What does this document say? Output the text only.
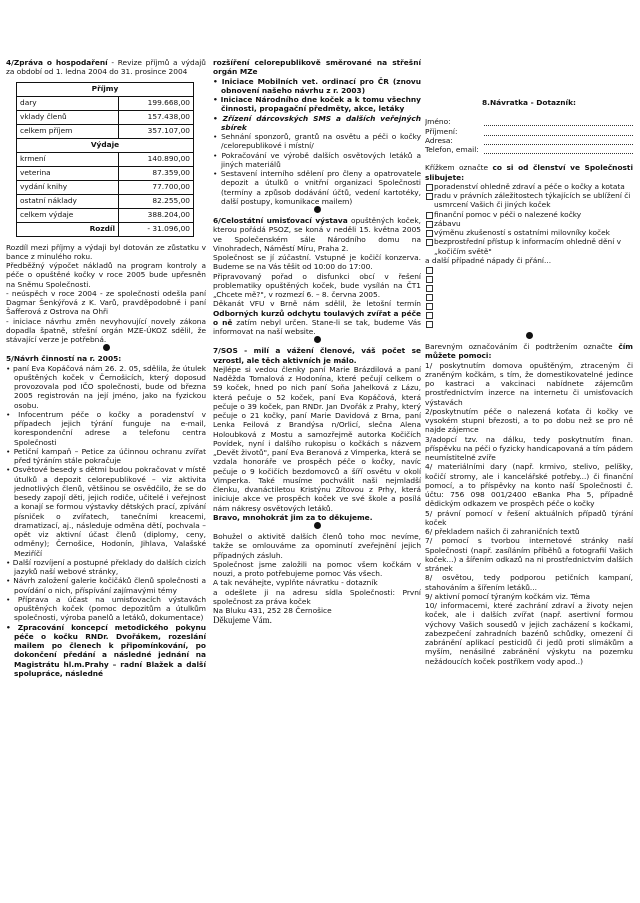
4/Zpráva o hospodaření - Revize příjmů a výdajů za období od 1. ledna 2004 do 31. prosince 2004

Příjmy	
dary	199.668,00
vklady členů	157.438,00
celkem příjem	357.107,00
Výdaje	
krmení	140.890,00
veterina	87.359,00
vydání knihy	77.700,00
ostatní náklady	82.255,00
celkem výdaje	388.204,00
Rozdíl	- 31.096,00

Rozdíl mezi příjmy a výdaji byl dotován ze zůstatku v bance z minulého roku.

Předběžný výpočet nákladů na program kontroly a péče o opuštěné kočky v roce 2005 bude upřesněn na Sněmu Společnosti.

- neúspěch v roce 2004 - ze společnosti odešla paní Dagmar Šenkýřová z K. Varů, pravděpodobně i paní Šafferová z Ostrova na Ohři

- iniciace návrhu změn nevyhovující novely zákona dopadla špatně, střešní orgán MZE-ÚKOZ sdělil, že stávající verze je potřebná.

5/Návrh činností na r. 2005:

• paní Eva Kopáčová nám 26. 2. 05, sdělila, že útulek opuštěných koček v Černošicích, který doposud provozovala pod IČO společnosti, bude od března 2005 registrován na její jméno, jako na fyzickou osobu.

• Infocentrum péče o kočky a poradenství v případech jejich týrání funguje na e-mail, korespondenční adrese a telefonu centra Společnosti

• Petiční kampaň – Petice za účinnou ochranu zvířat před týráním stále pokračuje

• Osvětové besedy s dětmi budou pokračovat v místě útulků a depozit celorepublikové – viz aktivita jednotlivých členů, většinou se osvědčilo, že se do besedy zapojí děti, jejich rodiče, učitelé i veřejnost a konají se formou výstavky dětských prací, zpívání písniček o zvířatech, tanečními kreacemi, dramatizací, aj., následuje odměna dětí, pochvala – opět viz aktivní účast členů (diplomy, ceny, odměny); Černošice, Hodonín, Jihlava, Valašské Meziříčí

• Další rozvíjení a postupné překlady do dalších cizích jazyků naší webové stránky,

• Návrh založení galerie kočičáků členů společnosti a povídání o nich, příspívání zajímavými témy

• Příprava a účast na umisťovacích výstavách opuštěných koček (pomoc depozitům a útulkům společnosti, výroba panelů a letáků, dokumentace)

• Zpracování koncepcí metodického pokynu péče o kočku RNDr. Dvořákem, rozeslání mailem po členech k připomínkování, po dokončení předání a následné jednání na Magistrátu hl.m.Prahy – radní Blažek a další spolupráce, následné

rozšíření celorepublikově směrované na střešní orgán MZe

• Iniciace Mobilních vet. ordinací pro ČR (znovu obnovení našeho návrhu z r. 2003)

• Iniciace Národního dne koček a k tomu všechny činnosti, propagační předměty, akce, letáky

• Zřízení dárcovských SMS a dalších veřejných sbírek

• Sehnání sponzorů, grantů na osvětu a péči o kočky /celorepublikové i místní/

• Pokračování ve výrobě dalších osvětových letáků a jiných materiálů

• Sestavení interního sdělení pro členy a opatrovatele depozit a útulků o vnitřní organizaci Společnosti (termíny a způsob dodávání účtů, vedení kartotéky, další postupy, komunikace mailem)

6/Celostátní umisťovací výstava opuštěných koček, kterou pořádá PSOZ, se koná v neděli 15. května 2005 ve Společenském sále Národního domu na Vinohradech, Náměstí Míru, Praha 2.

Společnost se jí zúčastní. Vstupné je kočičí konzerva. Budeme se na Vás těšit od 10:00 do 17:00.

Připravovaný pořad o disfunkci obcí v řešení problematiky opuštěných koček, bude vysílán na ČT1 „Chcete mě?", v rozmezí 6. – 8. června 2005.

Děkanát VFU v Brně nám sdělil, že letošní termín Odborných kurzů odchytu toulavých zvířat a péče o ně zatím nebyl určen. Stane-li se tak, budeme Vás informovat na naší website.

7/SOS - milí a vážení členové, váš počet se vzrostl, ale těch aktivních je málo.

Nejlépe si vedou členky paní Marie Brázdilová a paní Naděžda Tomalová z Hodonína, které pečují celkem o 59 koček, hned po nich paní Soňa Jahelková z Lázu, která pečuje o 52 koček, paní Eva Kopáčová, která pečuje o 39 koček, pan RNDr. Jan Dvořák z Prahy, který pečuje o 21 kočky, paní Marie Davidová z Brna, paní Lenka Feilová z Brandýsa n/Orlicí, slečna Alena Holoubková z Mostu a samozřejmě autorka Kočičích Povídek, nyní i dalšího rukopisu o kočkách s názvem „Devět životů", paní Eva Beranová z Vimperka, která se vzdala honoráře ve prospěch péče o kočky, navíc pečuje o 9 kočičích bezdomovců a šíří osvětu v okolí Vimperka. Také musíme pochválit naši nejmladší členku, dvanáctiletou Kristýnu Zítovou z Prhy, která iniciuje akce ve prospěch koček ve své škole a posílá nám nákresy osvětových letáků.

Bravo, mnohokrát jim za to děkujeme.

Bohužel o aktivitě dalších členů toho moc nevíme, takže se omlouváme za opominutí zveřejnění jejich případných zásluh.

Společnost jsme založili na pomoc všem kočkám v nouzi, a proto potřebujeme pomoc Vás všech.

A tak neváhejte, vyplňte návratku - dotazník

a odešlete ji na adresu sídla Společnosti: První společnost za práva koček

Na Bluku 431, 252 28 Černošice

Děkujeme Vám.

8.Návratka - Dotazník:

Jméno:
Příjmení:
Adresa:
Telefon, email:

Křížkem označte co si od členství ve Společnosti slibujete:

poradenství ohledně zdraví a péče o kočky a kotata

radu v právních záležitostech týkajících se ublížení či usmrcení Vašich či jiných koček

finanční pomoc v péči o nalezené kočky

zábavu

výměnu zkušeností s ostatními milovníky koček

bezprostřední přístup k informacím ohledně dění v „kočičím světě"

a další případné nápady či přání...

Barevným označováním či podtržením označte čím můžete pomoci:

1/ poskytnutím domova opuštěným, ztraceným či zraněným kočkám, s tím, že domestikovatelné jedince po kastraci a vakcinaci nabídnete zájemcům prostřednictvím inzerce na internetu či umisťovacích výstavách

2/poskytnutím péče o nalezená koťata či kočky ve vysokém stupni březosti, a to po dobu než se pro ně najde zájemce

3/adopcí tzv. na dálku, tedy poskytnutím finan. příspěvku na péči o fyzicky handicapovaná a tím pádem neumístitelné zvíře

4/ materiálními dary (např. krmivo, stelivo, pelíšky, kočičí stromy, ale i kancelářské potřeby...) či finanční pomocí, a to příspěvky na konto naší Společnosti č. účtu: 756 098 001/2400 eBanka Pha 5, případně dědickým odkazem ve prospěch péče o kočky

5/ právní pomocí v řešení aktuálních případů týrání koček

6/ překladem našich či zahraničních textů

7/ pomocí s tvorbou internetové stránky naší Společnosti (např. zasíláním příběhů a fotografií Vašich koček...) a šířením odkazů na ni prostřednictvím dalších stránek

8/ osvětou, tedy podporou petičních kampaní, stahováním a šířením letáků...

9/ aktivní pomocí týraným kočkám viz. Téma

10/ informacemi, které zachrání zdraví a životy nejen koček, ale i dalších zvířat (např. asertivní formou výchovy Vašich sousedů v jejich zacházení s kočkami, zabezpečení zahradních bazénů schůdky, omezení či zabránění aplikací pesticidů či jedů proti slimákům a myším, nenásilné zabránění výskytu na pozemku nežádoucích koček postříkem vody apod..)
